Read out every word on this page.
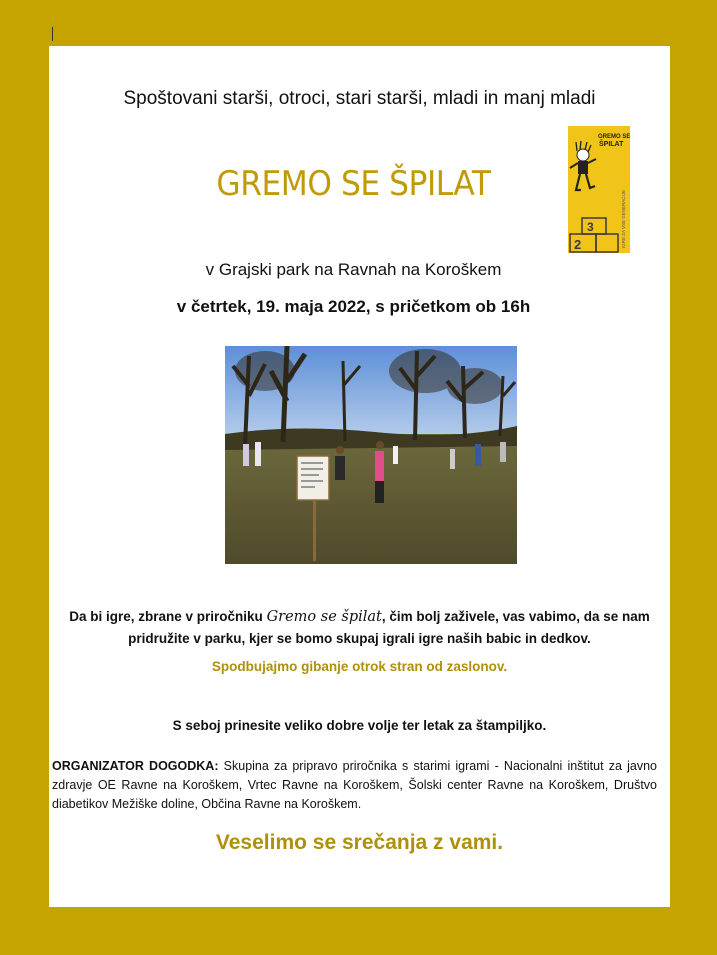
Spoštovani starši, otroci, stari starši, mladi in manj mladi
GREMO SE ŠPILAT
3
2
GREMO SE
ŠPILAT
IGRE ZA VSE GENERACIJE
v Grajski park na Ravnah na Koroškem
v četrtek, 19. maja 2022, s pričetkom ob 16h
Da bi igre, zbrane v priročniku Gremo se špilat, čim bolj zaživele, vas vabimo, da se nam pridružite v parku, kjer se bomo skupaj igrali igre naših babic in dedkov.
Spodbujajmo gibanje otrok stran od zaslonov.
S seboj prinesite veliko dobre volje ter letak za štampiljko.
ORGANIZATOR DOGODKA: Skupina za pripravo priročnika s starimi igrami - Nacionalni inštitut za javno zdravje OE Ravne na Koroškem, Vrtec Ravne na Koroškem, Šolski center Ravne na Koroškem, Društvo diabetikov Mežiške doline, Občina Ravne na Koroškem.
Veselimo se srečanja z vami.
